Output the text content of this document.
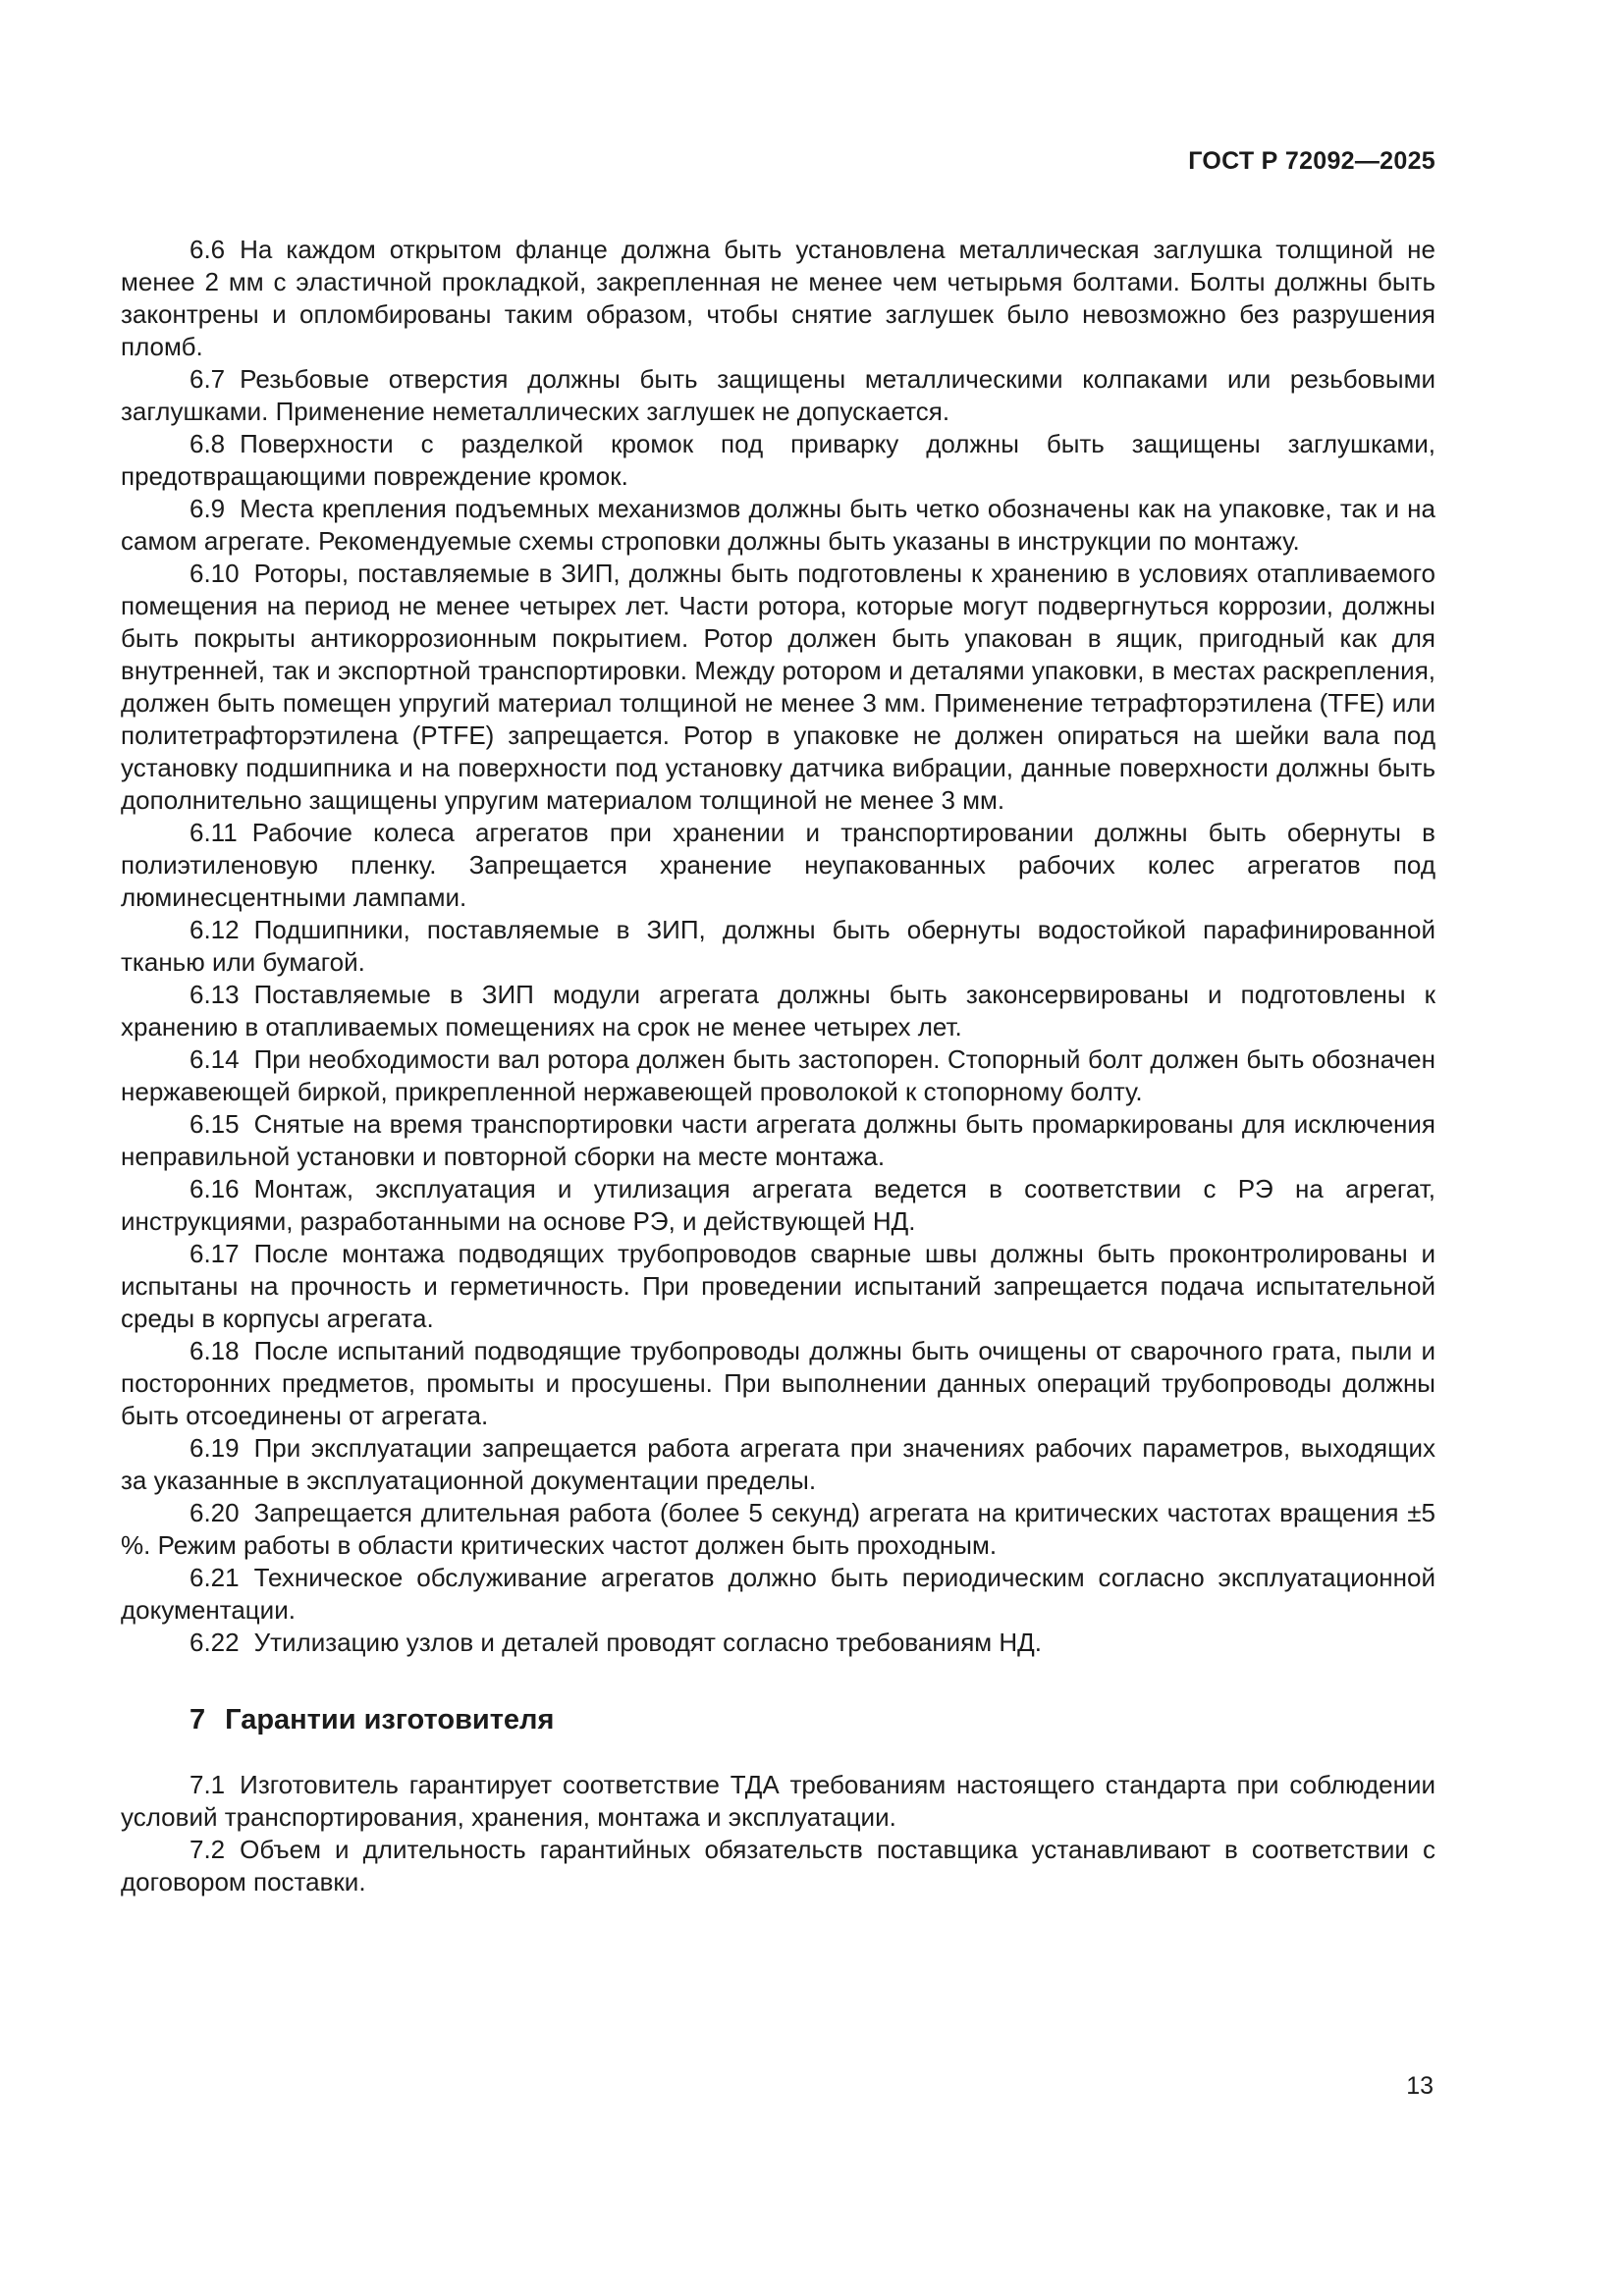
ГОСТ Р 72092—2025

6.6 На каждом открытом фланце должна быть установлена металлическая заглушка толщиной не менее 2 мм с эластичной прокладкой, закрепленная не менее чем четырьмя болтами. Болты должны быть законтрены и опломбированы таким образом, чтобы снятие заглушек было невозможно без разрушения пломб.

6.7 Резьбовые отверстия должны быть защищены металлическими колпаками или резьбовыми заглушками. Применение неметаллических заглушек не допускается.

6.8 Поверхности с разделкой кромок под приварку должны быть защищены заглушками, предотвращающими повреждение кромок.

6.9 Места крепления подъемных механизмов должны быть четко обозначены как на упаковке, так и на самом агрегате. Рекомендуемые схемы строповки должны быть указаны в инструкции по монтажу.

6.10 Роторы, поставляемые в ЗИП, должны быть подготовлены к хранению в условиях отапливаемого помещения на период не менее четырех лет. Части ротора, которые могут подвергнуться коррозии, должны быть покрыты антикоррозионным покрытием. Ротор должен быть упакован в ящик, пригодный как для внутренней, так и экспортной транспортировки. Между ротором и деталями упаковки, в местах раскрепления, должен быть помещен упругий материал толщиной не менее 3 мм. Применение тетрафторэтилена (TFE) или политетрафторэтилена (PTFE) запрещается. Ротор в упаковке не должен опираться на шейки вала под установку подшипника и на поверхности под установку датчика вибрации, данные поверхности должны быть дополнительно защищены упругим материалом толщиной не менее 3 мм.

6.11 Рабочие колеса агрегатов при хранении и транспортировании должны быть обернуты в полиэтиленовую пленку. Запрещается хранение неупакованных рабочих колес агрегатов под люминесцентными лампами.

6.12 Подшипники, поставляемые в ЗИП, должны быть обернуты водостойкой парафинированной тканью или бумагой.

6.13 Поставляемые в ЗИП модули агрегата должны быть законсервированы и подготовлены к хранению в отапливаемых помещениях на срок не менее четырех лет.

6.14 При необходимости вал ротора должен быть застопорен. Стопорный болт должен быть обозначен нержавеющей биркой, прикрепленной нержавеющей проволокой к стопорному болту.

6.15 Снятые на время транспортировки части агрегата должны быть промаркированы для исключения неправильной установки и повторной сборки на месте монтажа.

6.16 Монтаж, эксплуатация и утилизация агрегата ведется в соответствии с РЭ на агрегат, инструкциями, разработанными на основе РЭ, и действующей НД.

6.17 После монтажа подводящих трубопроводов сварные швы должны быть проконтролированы и испытаны на прочность и герметичность. При проведении испытаний запрещается подача испытательной среды в корпусы агрегата.

6.18 После испытаний подводящие трубопроводы должны быть очищены от сварочного грата, пыли и посторонних предметов, промыты и просушены. При выполнении данных операций трубопроводы должны быть отсоединены от агрегата.

6.19 При эксплуатации запрещается работа агрегата при значениях рабочих параметров, выходящих за указанные в эксплуатационной документации пределы.

6.20 Запрещается длительная работа (более 5 секунд) агрегата на критических частотах вращения ±5 %. Режим работы в области критических частот должен быть проходным.

6.21 Техническое обслуживание агрегатов должно быть периодическим согласно эксплуатационной документации.

6.22 Утилизацию узлов и деталей проводят согласно требованиям НД.

7 Гарантии изготовителя

7.1 Изготовитель гарантирует соответствие ТДА требованиям настоящего стандарта при соблюдении условий транспортирования, хранения, монтажа и эксплуатации.

7.2 Объем и длительность гарантийных обязательств поставщика устанавливают в соответствии с договором поставки.

13
